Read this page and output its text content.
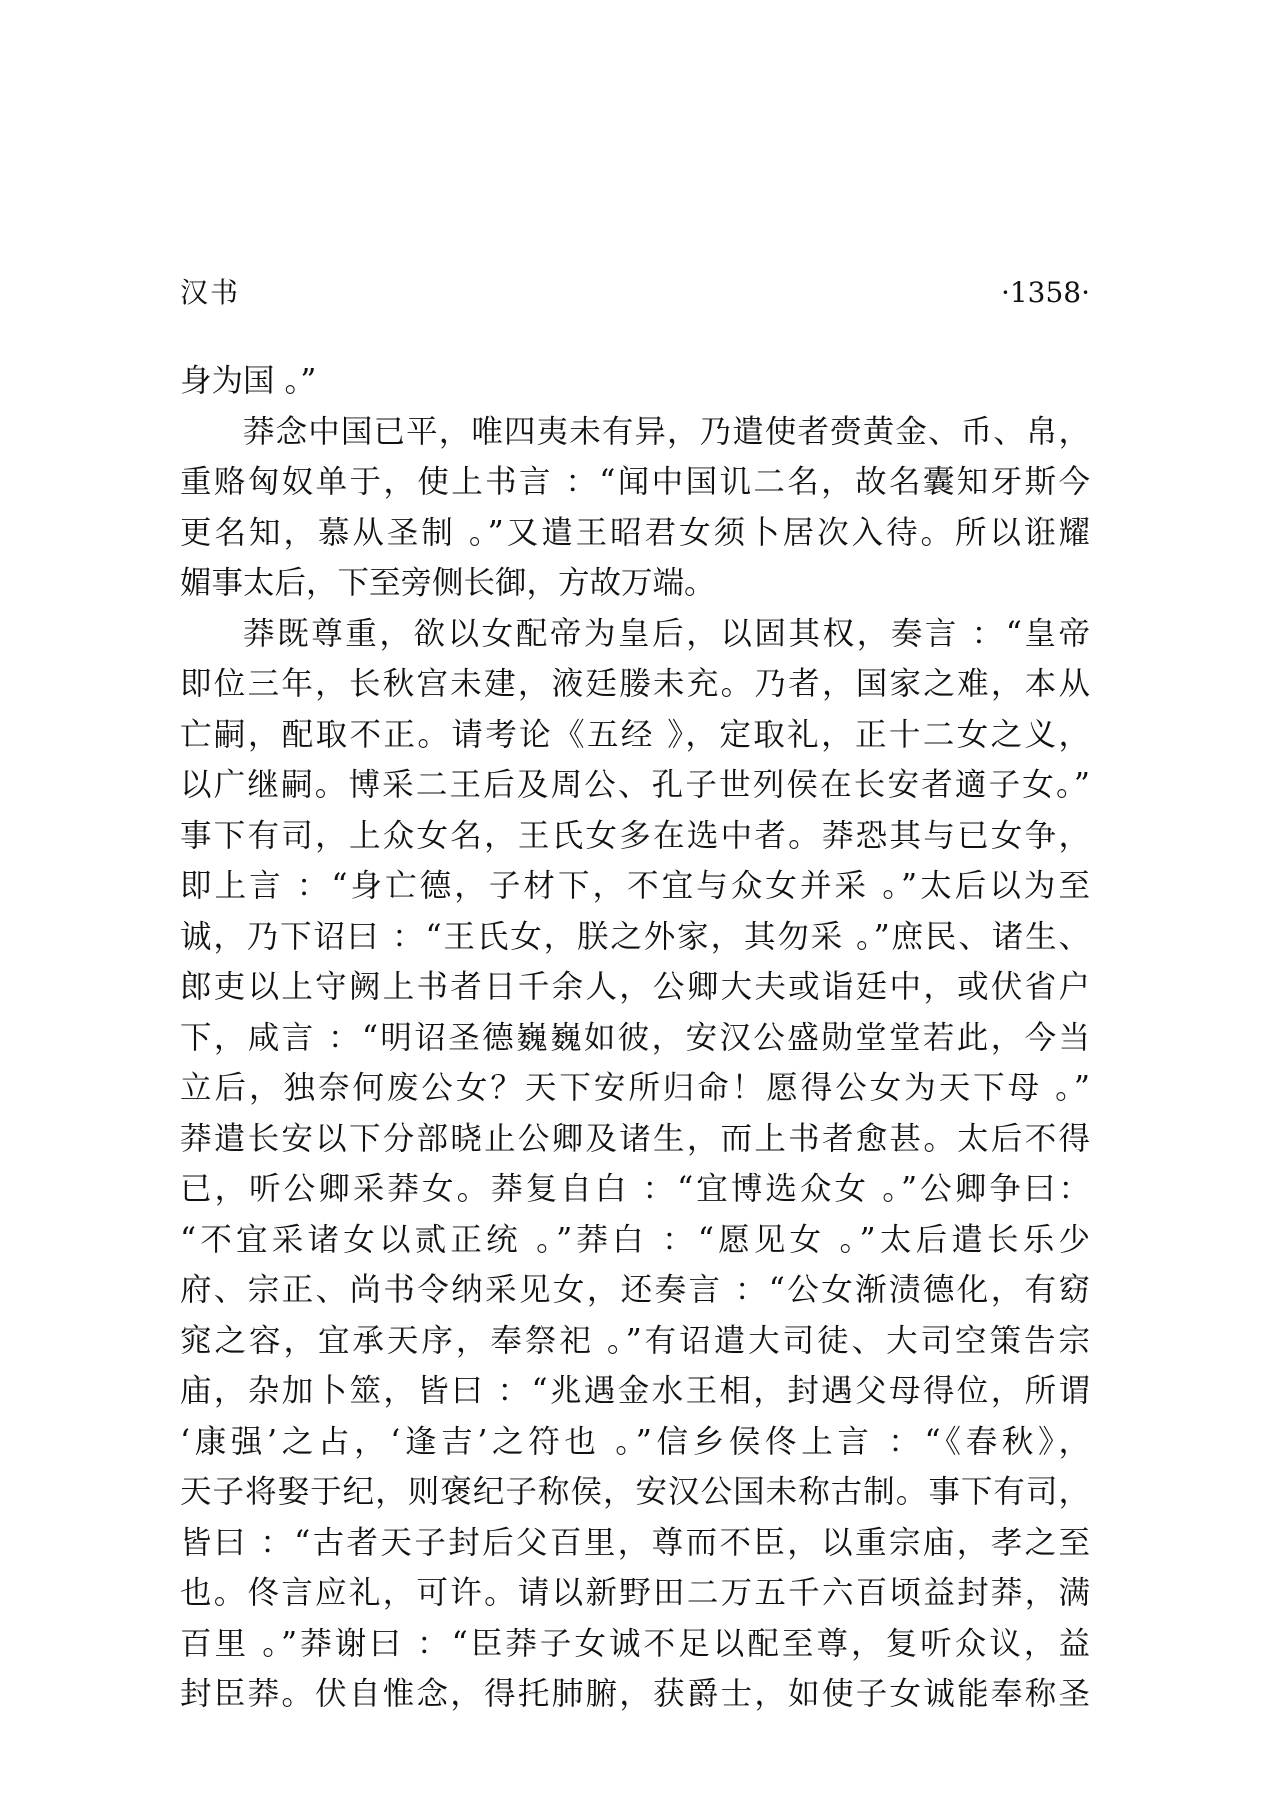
汉书	·1358·
身为国 。”
莽念中国已平，唯四夷未有异，乃遣使者赍黄金、币、帛，
重赂匈奴单于，使上书言 ：“闻中国讥二名，故名囊知牙斯今
更名知，慕从圣制 。”又遣王昭君女须卜居次入待。所以诳耀
媚事太后，下至旁侧长御，方故万端。
莽既尊重，欲以女配帝为皇后，以固其权，奏言 ：“皇帝
即位三年，长秋宫未建，液廷媵未充。乃者，国家之难，本从
亡嗣，配取不正。请考论《五经 》，定取礼，正十二女之义，
以广继嗣。博采二王后及周公、孔子世列侯在长安者適子女。”
事下有司，上众女名，王氏女多在选中者。莽恐其与已女争，
即上言 ：“身亡德，子材下，不宜与众女并采 。”太后以为至
诚，乃下诏曰 ：“王氏女，朕之外家，其勿采 。”庶民、诸生、
郎吏以上守阙上书者日千余人，公卿大夫或诣廷中，或伏省户
下，咸言 ：“明诏圣德巍巍如彼，安汉公盛勋堂堂若此，今当
立后，独奈何废公女？天下安所归命！愿得公女为天下母 。”
莽遣长安以下分部晓止公卿及诸生，而上书者愈甚。太后不得
已，听公卿采莽女。莽复自白 ：“宜博选众女 。”公卿争曰：
“不宜采诸女以贰正统 。”莽白 ：“愿见女 。”太后遣长乐少
府、宗正、尚书令纳采见女，还奏言 ：“公女渐渍德化，有窈
窕之容，宜承天序，奉祭祀 。”有诏遣大司徒、大司空策告宗
庙，杂加卜筮，皆曰 ：“兆遇金水王相，封遇父母得位，所谓
‘康强’之占，‘逢吉’之符也 。”信乡侯佟上言 ：“《春秋》，
天子将娶于纪，则褒纪子称侯，安汉公国未称古制。事下有司，
皆曰 ：“古者天子封后父百里，尊而不臣，以重宗庙，孝之至
也。佟言应礼，可许。请以新野田二万五千六百顷益封莽，满
百里 。”莽谢曰 ：“臣莽子女诚不足以配至尊，复听众议，益
封臣莽。伏自惟念，得托肺腑，获爵士，如使子女诚能奉称圣
